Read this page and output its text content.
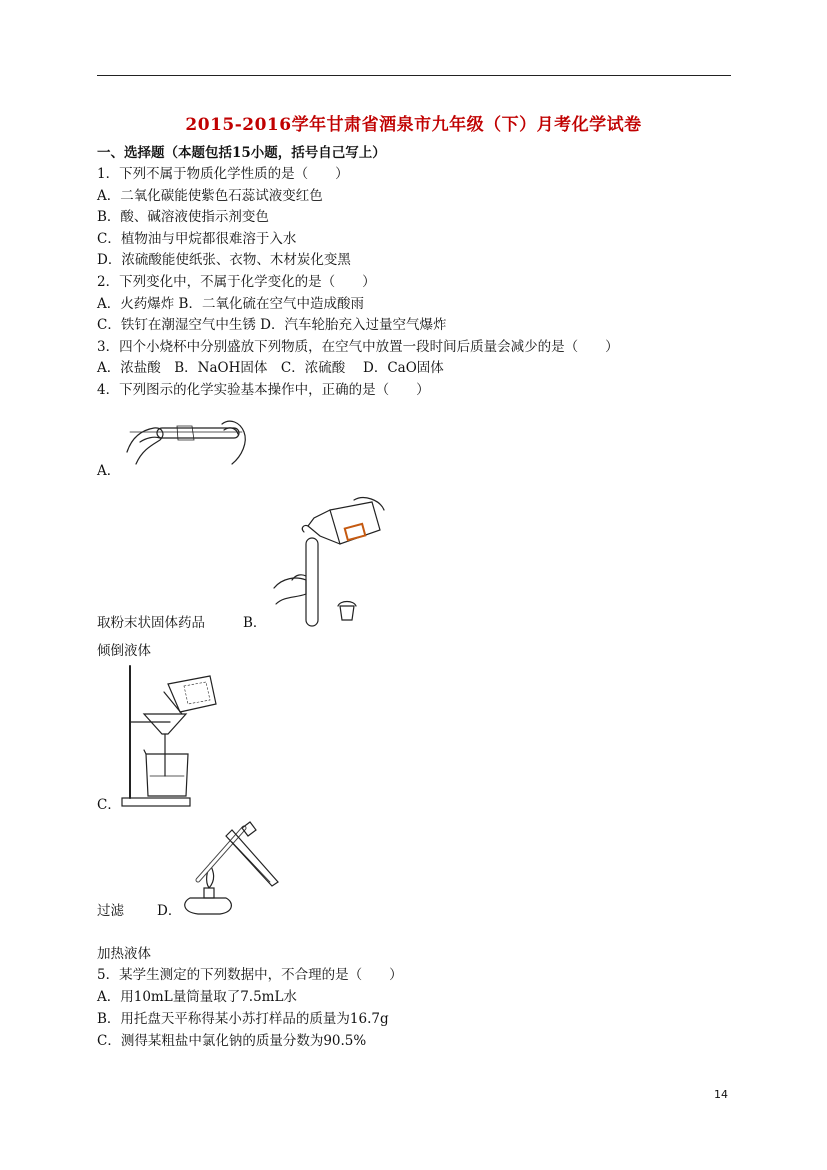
2015-2016学年甘肃省酒泉市九年级（下）月考化学试卷
一、选择题（本题包括15小题，括号自己写上）
1．下列不属于物质化学性质的是（　　）
A．二氧化碳能使紫色石蕊试液变红色
B．酸、碱溶液使指示剂变色
C．植物油与甲烷都很难溶于入水
D．浓硫酸能使纸张、衣物、木材炭化变黑
2．下列变化中，不属于化学变化的是（　　）
A．火药爆炸 B．二氧化硫在空气中造成酸雨
C．铁钉在潮湿空气中生锈 D．汽车轮胎充入过量空气爆炸
3．四个小烧杯中分别盛放下列物质，在空气中放置一段时间后质量会减少的是（　　）
A．浓盐酸　B．NaOH固体　C．浓硫酸　 D．CaO固体
4．下列图示的化学实验基本操作中，正确的是（　　）
A．
取粉末状固体药品	B．
倾倒液体
C．
过滤 D．
加热液体
5．某学生测定的下列数据中，不合理的是（　　）
A．用10mL量筒量取了7.5mL水
B．用托盘天平称得某小苏打样品的质量为16.7g
C．测得某粗盐中氯化钠的质量分数为90.5%
14
